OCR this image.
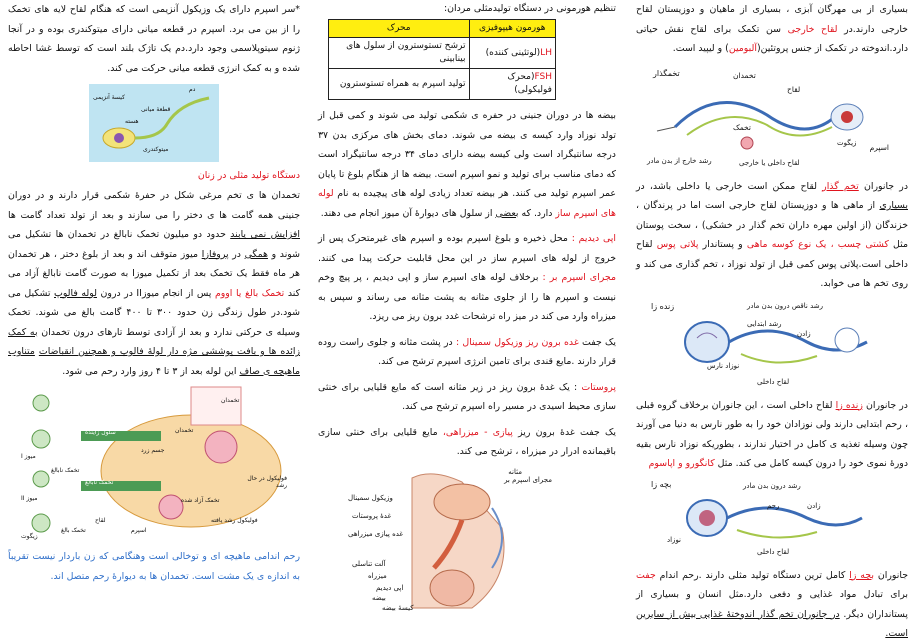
بسیاری از بی مهرگان آبزی ، بسیاری از ماهیان و دوزیستان لقاح خارجی دارند.در لقاح خارجی سن تکمک برای لقاح نقش حیاتی دارد.اندوخته در تکمک از جنس پروتئین(آلبومین) و لیپید است.

تخمگذار	تخمدان
لقاح
اسپرم
تخمک
رشد خارج از بدن مادر	لقاح داخلی یا خارجی
زیگوت

در جانوران تخم گذار لقاح ممکن است خارجی یا داخلی باشد، در بسیاری از ماهی ها و دوزیستان لقاح خارجی است اما در پرندگان ، خزندگان (از اولین مهره داران تخم گذار در خشکی) ، سخت پوستان مثل کشتی چسب ، یک نوع کوسه ماهی و پستاندار پلاتی پوس لقاح داخلی است.پلاتی پوس کمی قبل از تولد نوزاد ، تخم گذاری می کند و روی تخم ها می خوابد.

زنده زا	رشد ناقص درون بدن مادر
رشد ابتدایی
زادن
نوزاد نارس
لقاح داخلی

در جانوران زنده زا لقاح داخلی است ، این جانوران برخلاف گروه قبلی ، رحم ابتدایی دارند ولی نوزادان خود را به طور نارس به دنیا می آورند چون وسیله تغذیه ی کامل در اختیار ندارند ، بطوریکه نوزاد نارس بقیه دورهٔ نموی خود را درون کیسه کامل می کند. مثل کانگورو و اپاسوم

بچه زا	رشد درون بدن مادر
رحم	زادن
نوزاد
لقاح داخلی

جانوران بچه زا کامل ترین دستگاه تولید مثلی دارند .رحم اندام جفت برای تبادل مواد غذایی و دفعی دارد.مثل انسان و بسیاری از پستانداران دیگر. در جانوران تخم گذار اندوختهٔ غذایی بیش از سایرین است.

تنظیم هورمونی در دستگاه تولیدمثلی مردان:

هورمون هیپوفیزی	محرک
LH(لوتئینی کننده)	ترشح تستوسترون از سلول های بینابینی
FSH(محرک فولیکولی)	تولید اسپرم به همراه تستوسترون

بیضه ها در دوران جنینی در حفره ی شکمی تولید می شوند و کمی قبل از تولد نوزاد وارد کیسه ی بیضه می شوند. دمای بخش های مرکزی بدن ۳۷ درجه سانتیگراد است ولی کیسه بیضه دارای دمای ۳۴ درجه سانتیگراد است که دمای مناسب برای تولید و نمو اسپرم است. بیضه ها از هنگام بلوغ تا پایان عمر اسپرم تولید می کنند. هر بیضه تعداد زیادی لوله های پیچیده به نام لوله های اسپرم ساز دارد. که بعضی از سلول های دیوارهٔ آن میوز انجام می دهند.

اپی دیدیم : محل ذخیره و بلوغ اسپرم بوده و اسپرم های غیرمتحرک پس از خروج از لوله های اسپرم ساز در این محل قابلیت حرکت پیدا می کنند. مجرای اسپرم بر : برخلاف لوله های اسپرم ساز و اپی دیدیم ، پر پیچ وخم نیست و اسپرم ها را از جلوی مثانه به پشت مثانه می رساند و سپس به میزراه وارد می کند در میز راه ترشحات غدد برون ریز می ریزد.

یک جفت غده برون ریز وزیکول سمینال : در پشت مثانه و جلوی راست روده قرار دارند .مایع قندی برای تامین انرژی اسپرم ترشح می کند.

پروستات : یک غدهٔ برون ریز در زیر مثانه است که مایع قلیایی برای خنثی سازی محیط اسیدی در مسیر راه اسپرم ترشح می کند.

یک جفت غدهٔ برون ریز پیازی - میزراهی، مایع قلیایی برای خنثی سازی باقیمانده ادرار در میزراه ، ترشح می کند.

مثانه
مجرای اسپرم بر
وزیکول سمینال
غدهٔ پروستات
غده پیازی میزراهی
آلت تناسلی
میزراه
اپی دیدیم
بیضه
کیسهٔ بیضه

*سر اسپرم دارای یک وزیکول آنزیمی است که هنگام لقاح لایه های تخمک را از بین می برد. اسپرم در قطعه میانی دارای میتوکندری بوده و در آنجا ژنوم سیتوپلاسمی وجود دارد.دم یک تاژک بلند است که توسط غشا احاطه شده و به کمک انرژی قطعه میانی حرکت می کند.

کیسهٔ آنزیمی
هسته
قطعهٔ میانی
میتوکندری
دم
دستگاه تولید مثلی در زنان

تخمدان ها ی تخم مرغی شکل در حفرهٔ شکمی قرار دارند و در دوران جنینی همه گامت ها ی دختر را می سازند و بعد از تولد تعداد گامت ها افزایش نمی یابند حدود دو میلیون تخمک نابالغ در تخمدان ها تشکیل می شوند و همگی در پروفازI میوز متوقف اند و بعد از بلوغ دختر ، هر تخمدان هر ماه فقط یک تخمک بعد از تکمیل میوزI به صورت گامت نابالغ آزاد می کند تخمک بالغ یا اووم پس از انجام میوزII در درون لوله فالوپ تشکیل می شود.در طول زندگی زن حدود ۳۰۰ تا ۴۰۰ گامت بالغ می شوند. تخمک وسیله ی حرکتی ندارد و بعد از آزادی توسط تارهای درون تخمدان به کمک زائده ها و بافت پوششی مژه دار لولهٔ فالوپ و همچنین انقباضات متناوب ماهیچه ی صاف این لوله بعد از ۳ تا ۴ روز وارد رحم می شود.

سلول زاینده
تخمک نابالغ
میوز I
تخمک نابالغ
میوز II
لقاح
اسپرم
تخمک بالغ
زیگوت
تخمدان
تخمدان
جسم زرد
فولیکول در حال رشد
فولیکول رشد یافته
تخمک آزاد شده

رحم اندامی ماهیچه ای و توخالی است وهنگامی که زن باردار نیست تقریباً به اندازه ی یک مشت است. تخمدان ها به دیوارهٔ رحم متصل اند.
